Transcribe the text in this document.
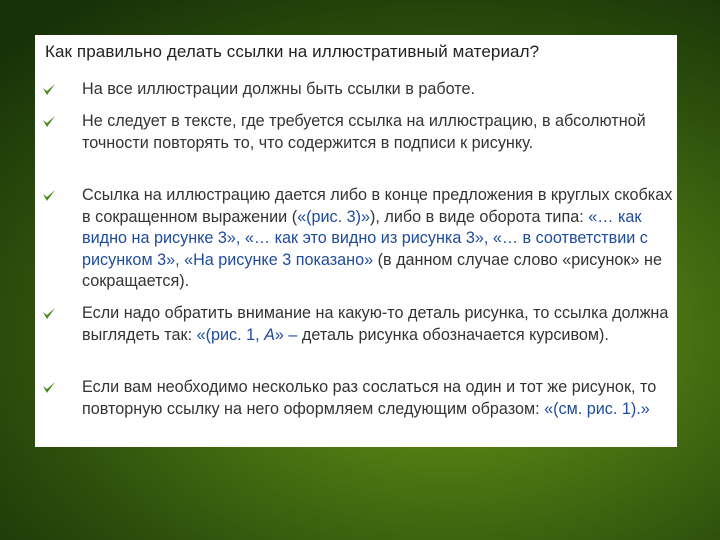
Как правильно делать ссылки на иллюстративный материал?
На все иллюстрации должны быть ссылки в работе.
Не следует в тексте, где требуется ссылка на иллюстрацию, в абсолютной точности повторять то, что содержится в подписи к рисунку.
Ссылка на иллюстрацию дается либо в конце предложения в круглых скобках в сокращенном выражении («(рис. 3)»), либо в виде оборота типа: «… как видно на рисунке 3», «… как это видно из рисунка 3», «… в соответствии с рисунком 3», «На рисунке 3 показано» (в данном случае слово «рисунок» не сокращается).
Если надо обратить внимание на какую-то деталь рисунка, то ссылка должна выглядеть так: «(рис. 1, А» – деталь рисунка обозначается курсивом).
Если вам необходимо несколько раз сослаться на один и тот же рисунок, то повторную ссылку на него оформляем следующим образом: «(см. рис. 1).»
